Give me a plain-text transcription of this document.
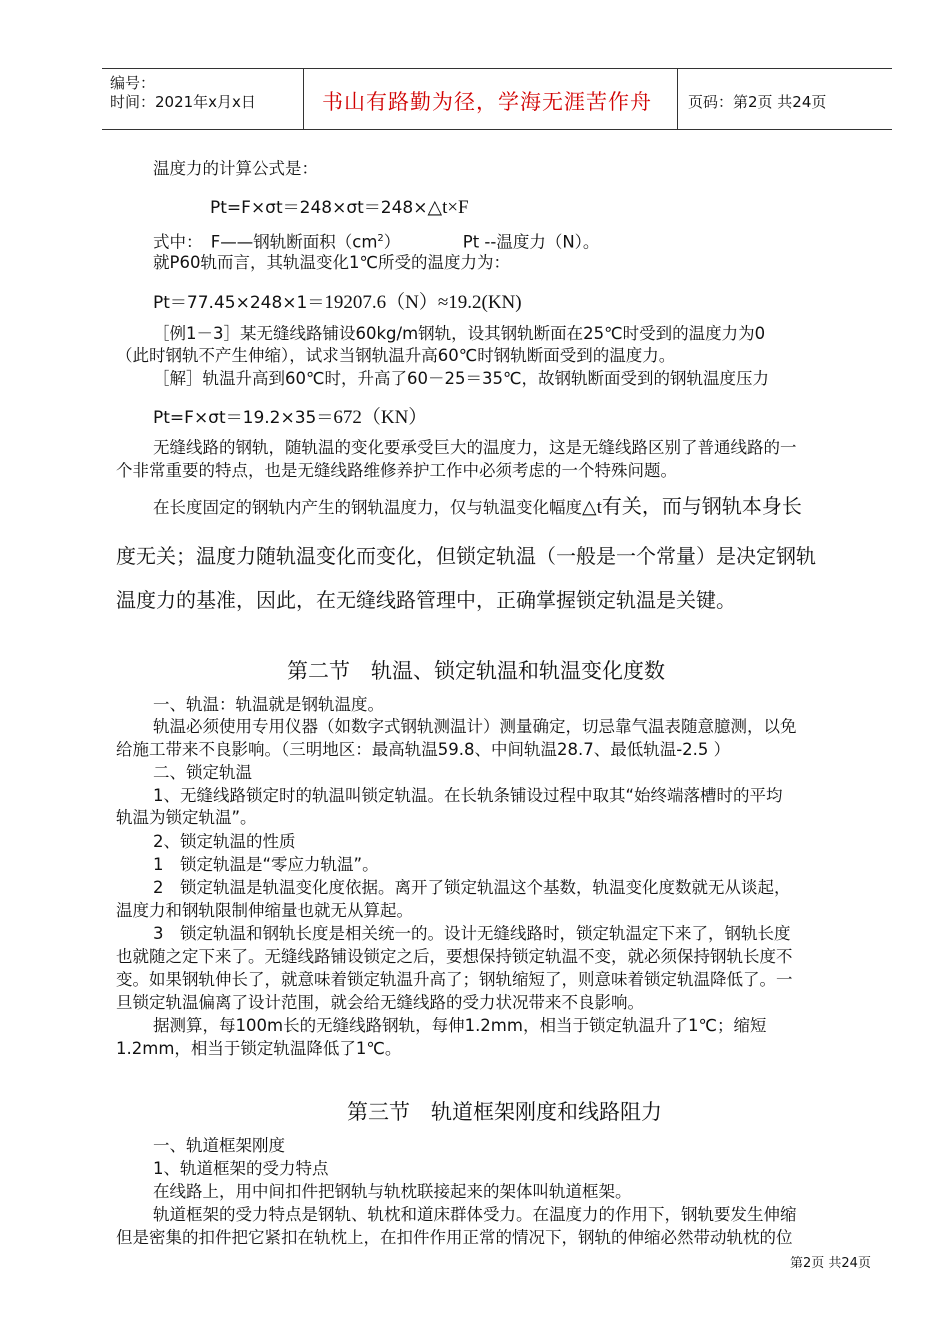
编号：
时间：2021年x月x日	书山有路勤为径，学海无涯苦作舟 页码：第2页 共24页
温度力的计算公式是：
Pt=F×σt＝248×σt＝248×△t×F
式中：　F——钢轨断面积$(cm^2)$	Pt --温度力（N）。
就P60轨而言，其轨温变化1℃所受的温度力为：
Pt＝77.45×248×1＝19207.6（N）≈19.2(KN)
［例1－3］某无缝线路铺设60kg/m钢轨，设其钢轨断面在25℃时受到的温度力为0
（此时钢轨不产生伸缩），试求当钢轨温升高60℃时钢轨断面受到的温度力。
［解］轨温升高到60℃时，升高了60－25＝35℃，故钢轨断面受到的钢轨温度压力
Pt=F×σt＝19.2×35＝672（KN）
无缝线路的钢轨，随轨温的变化要承受巨大的温度力，这是无缝线路区别了普通线路的一
个非常重要的特点，也是无缝线路维修养护工作中必须考虑的一个特殊问题。
在长度固定的钢轨内产生的钢轨温度力，仅与轨温变化幅度△t有关，而与钢轨本身长
度无关；温度力随轨温变化而变化，但锁定轨温（一般是一个常量）是决定钢轨
温度力的基准，因此，在无缝线路管理中，正确掌握锁定轨温是关键。
第二节　轨温、锁定轨温和轨温变化度数
一、轨温：轨温就是钢轨温度。
轨温必须使用专用仪器（如数字式钢轨测温计）测量确定，切忌靠气温表随意臆测，以免
给施工带来不良影响。（三明地区：最高轨温59.8、中间轨温28.7、最低轨温-2.5 ）
二、锁定轨温
1、无缝线路锁定时的轨温叫锁定轨温。在长轨条铺设过程中取其“始终端落槽时的平均
轨温为锁定轨温”。
2、锁定轨温的性质
1　锁定轨温是“零应力轨温”。
2　锁定轨温是轨温变化度依据。离开了锁定轨温这个基数，轨温变化度数就无从谈起，
温度力和钢轨限制伸缩量也就无从算起。
3　锁定轨温和钢轨长度是相关统一的。设计无缝线路时，锁定轨温定下来了，钢轨长度
也就随之定下来了。无缝线路铺设锁定之后，要想保持锁定轨温不变，就必须保持钢轨长度不
变。如果钢轨伸长了，就意味着锁定轨温升高了；钢轨缩短了，则意味着锁定轨温降低了。一
旦锁定轨温偏离了设计范围，就会给无缝线路的受力状况带来不良影响。
据测算，每100m长的无缝线路钢轨，每伸1.2mm，相当于锁定轨温升了1℃；缩短
1.2mm，相当于锁定轨温降低了1℃。
第三节　轨道框架刚度和线路阻力
一、轨道框架刚度
1、轨道框架的受力特点
在线路上，用中间扣件把钢轨与轨枕联接起来的架体叫轨道框架。
轨道框架的受力特点是钢轨、轨枕和道床群体受力。在温度力的作用下，钢轨要发生伸缩
但是密集的扣件把它紧扣在轨枕上，在扣件作用正常的情况下，钢轨的伸缩必然带动轨枕的位
第2页 共24页
